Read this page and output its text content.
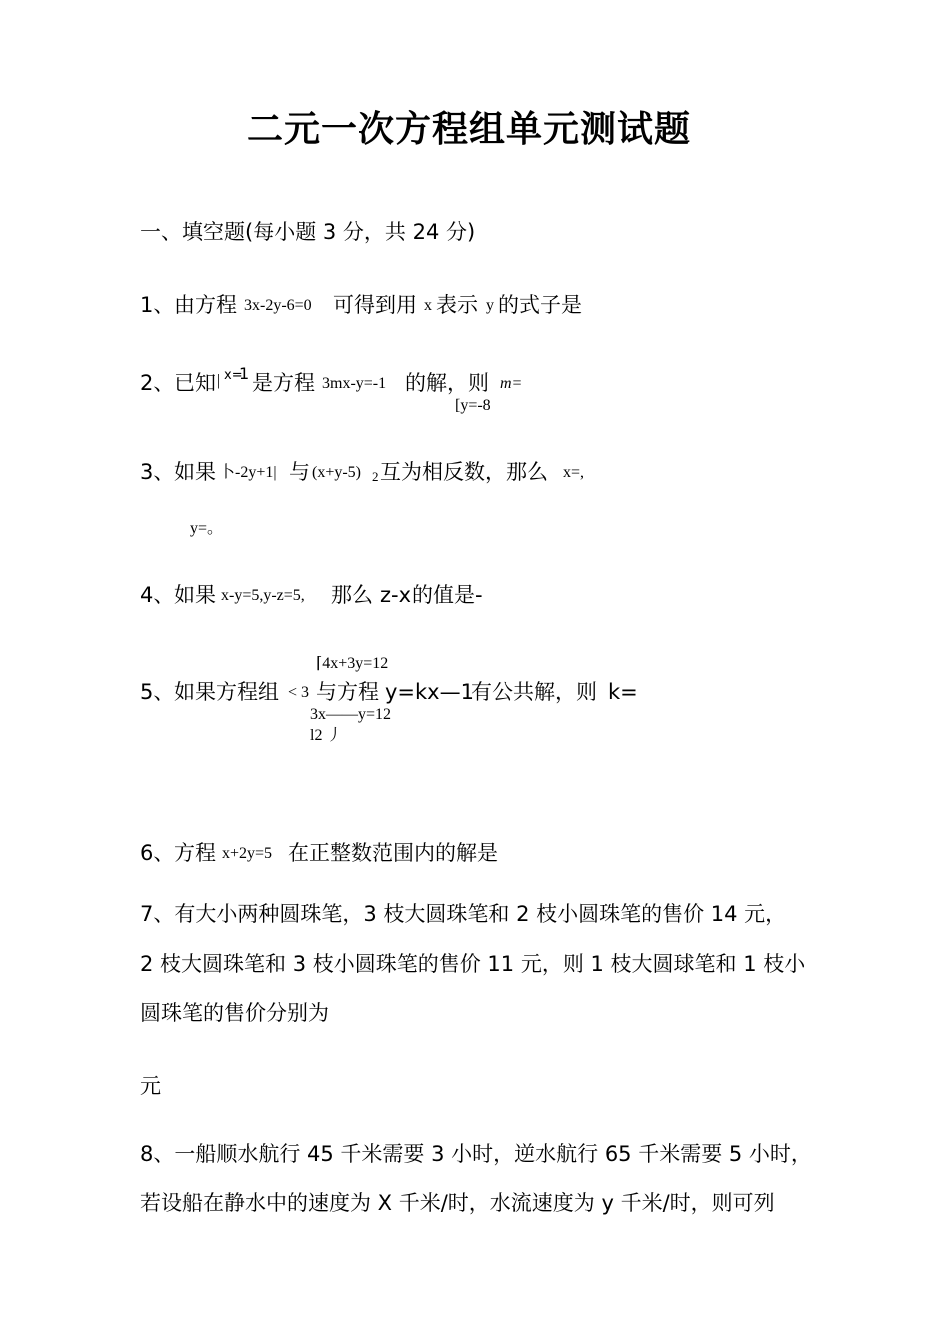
二元一次方程组单元测试题
一、填空题(每小题 3 分，共 24 分)
1、 由方程 3x-2y-6=0 可得到用 x 表示 y 的式子是
2、 已知 | x=
1 是方程 3mx-y=-1 的解，则 m=
[y=-8
3、 如果 卜-2y+1| 与 (x+y-5) 2 互为相反数，那么 x=,
y=。
4、 如果 x-y=5,y-z=5, 那么 z-x 的值是-
⌈4x+3y=12
5、 如果方程组 < 3 与方程 y=kx—1
有公共解，则 k=
3x——y=12
l2 丿
6、 方程 x+2y=5 在正整数范围内的解是
7、有大小两种圆珠笔，3 枝大圆珠笔和 2 枝小圆珠笔的售价 14 元，
2 枝大圆珠笔和 3 枝小圆珠笔的售价 11 元，则 1 枝大圆球笔和 1 枝小
圆珠笔的售价分别为
元
8、一船顺水航行 45 千米需要 3 小时，逆水航行 65 千米需要 5 小时，
若设船在静水中的速度为 X 千米/时，水流速度为 y 千米/时，则可列
